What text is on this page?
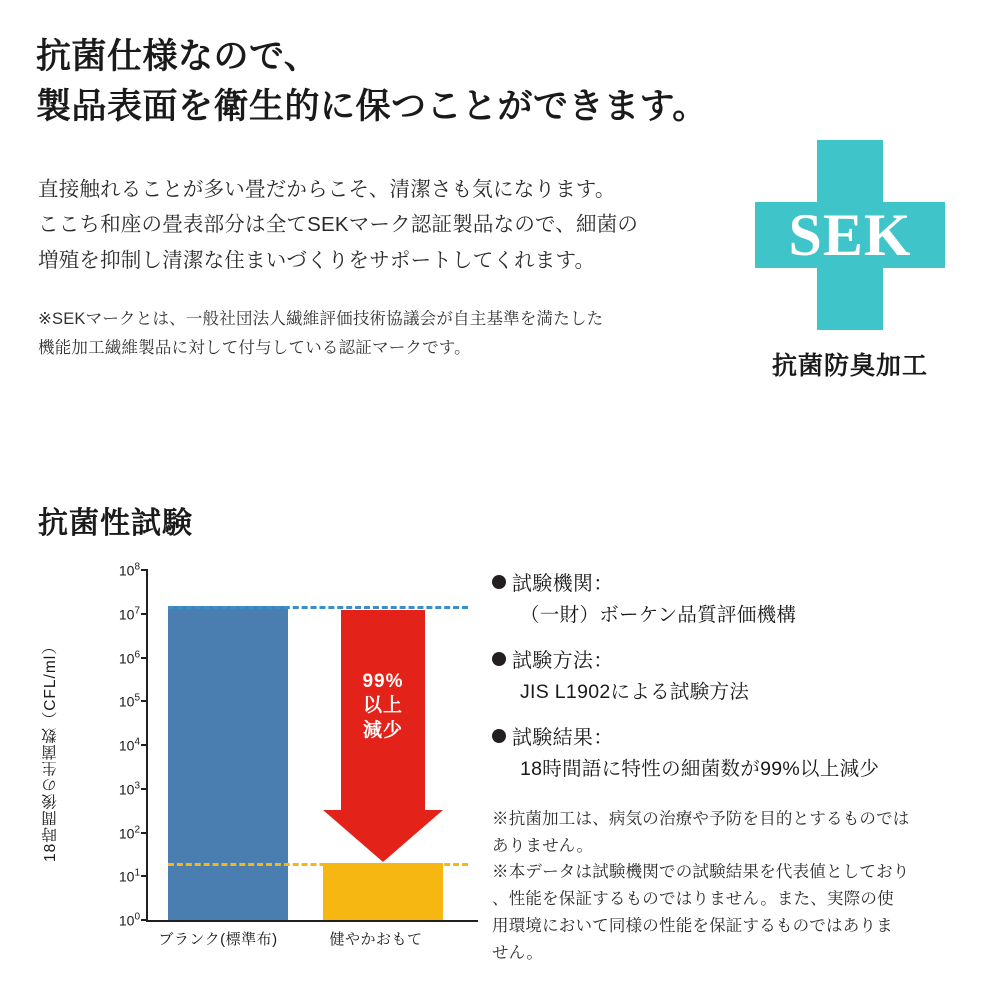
抗菌仕様なので、
製品表面を衛生的に保つことができます。

直接触れることが多い畳だからこそ、清潔さも気になります。

ここち和座の畳表部分は全てSEKマーク認証製品なので、細菌の

増殖を抑制し清潔な住まいづくりをサポートしてくれます。

※SEKマークとは、一般社団法人繊維評価技術協議会が自主基準を満たした

機能加工繊維製品に対して付与している認証マークです。

SEK
抗菌防臭加工
抗菌性試験
18時間後の生菌数（CFL/ml）
$10^0$
$10^1$
$10^2$
$10^3$
$10^4$
$10^5$
$10^6$
$10^7$
$10^8$
99%
以上
減少
ブランク(標準布)	健やかおもて
試験機関：
（一財）ボーケン品質評価機構
試験方法：
JIS L1902による試験方法
試験結果：
18時間語に特性の細菌数が99%以上減少

※抗菌加工は、病気の治療や予防を目的とするものでは

ありません。

※本データは試験機関での試験結果を代表値としており

、性能を保証するものではりません。また、実際の使

用環境において同様の性能を保証するものではありま

せん。
